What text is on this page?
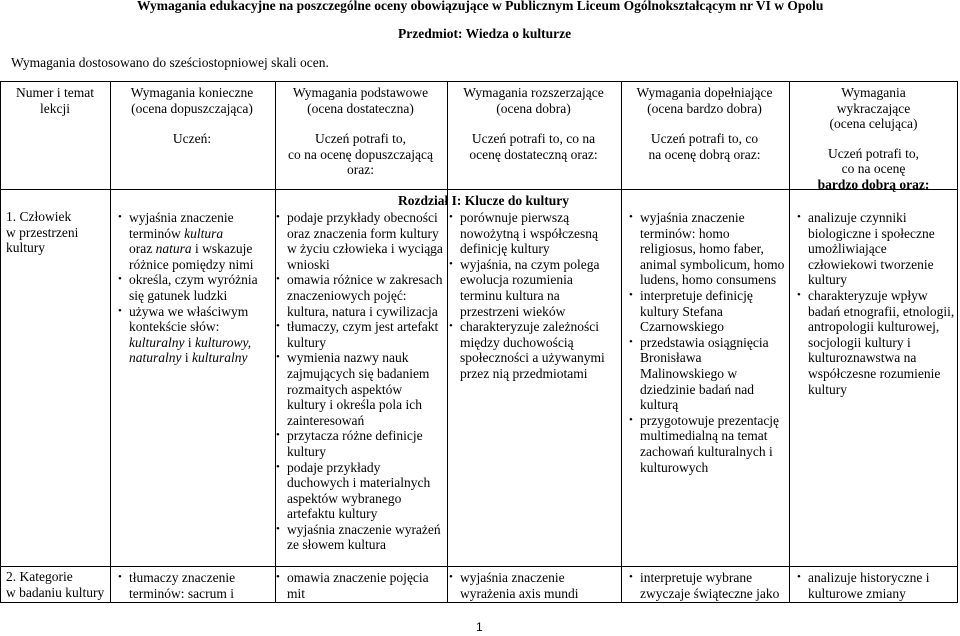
Wymagania edukacyjne na poszczególne oceny obowiązujące w Publicznym Liceum Ogólnokształcącym nr VI w Opolu
Przedmiot: Wiedza o kulturze
Wymagania dostosowano do sześciostopniowej skali ocen.
Numer i temat
lekcji
Wymagania konieczne
(ocena dopuszczająca)
Uczeń:
Wymagania podstawowe
(ocena dostateczna)
Uczeń potrafi to,
co na ocenę dopuszczającą
oraz:
Wymagania rozszerzające
(ocena dobra)
Uczeń potrafi to, co na
ocenę dostateczną oraz:
Wymagania dopełniające
(ocena bardzo dobra)
Uczeń potrafi to, co
na ocenę dobrą oraz:
Wymagania
wykraczające
(ocena celująca)
Uczeń potrafi to,
co na ocenę
bardzo dobrą oraz:
Rozdział I: Klucze do kultury
1. Człowiek
w przestrzeni
kultury
• wyjaśnia znaczenie
terminów kultura
oraz natura i wskazuje
różnice pomiędzy nimi
• określa, czym wyróżnia
się gatunek ludzki
• używa we właściwym
kontekście słów:
kulturalny i kulturowy,
naturalny i kulturalny
• podaje przykłady obecności oraz znaczenia form kultury w życiu człowieka i wyciąga wnioski
• omawia różnice w zakresach znaczeniowych pojęć: kultura, natura i cywilizacja
• tłumaczy, czym jest artefakt kultury
• wymienia nazwy nauk zajmujących się badaniem rozmaitych aspektów kultury i określa pola ich zainteresowań
• przytacza różne definicje kultury
• podaje przykłady duchowych i materialnych aspektów wybranego artefaktu kultury
• wyjaśnia znaczenie wyrażeń ze słowem kultura
• porównuje pierwszą nowożytną i współczesną definicję kultury
• wyjaśnia, na czym polega ewolucja rozumienia terminu kultura na przestrzeni wieków
• charakteryzuje zależności między duchowością społeczności a używanymi przez nią przedmiotami
• wyjaśnia znaczenie terminów: homo religiosus, homo faber, animal symbolicum, homo ludens, homo consumens
• interpretuje definicję kultury Stefana Czarnowskiego
• przedstawia osiągnięcia Bronisława Malinowskiego w dziedzinie badań nad kulturą
• przygotowuje prezentację multimedialną na temat zachowań kulturalnych i kulturowych
• analizuje czynniki biologiczne i społeczne umożliwiające człowiekowi tworzenie kultury
• charakteryzuje wpływ badań etnografii, etnologii, antropologii kulturowej, socjologii kultury i kulturoznawstwa na współczesne rozumienie kultury
2. Kategorie
w badaniu kultury
• tłumaczy znaczenie terminów: sacrum i
• omawia znaczenie pojęcia mit
• wyjaśnia znaczenie wyrażenia axis mundi
• interpretuje wybrane zwyczaje świąteczne jako
• analizuje historyczne i kulturowe zmiany
1
